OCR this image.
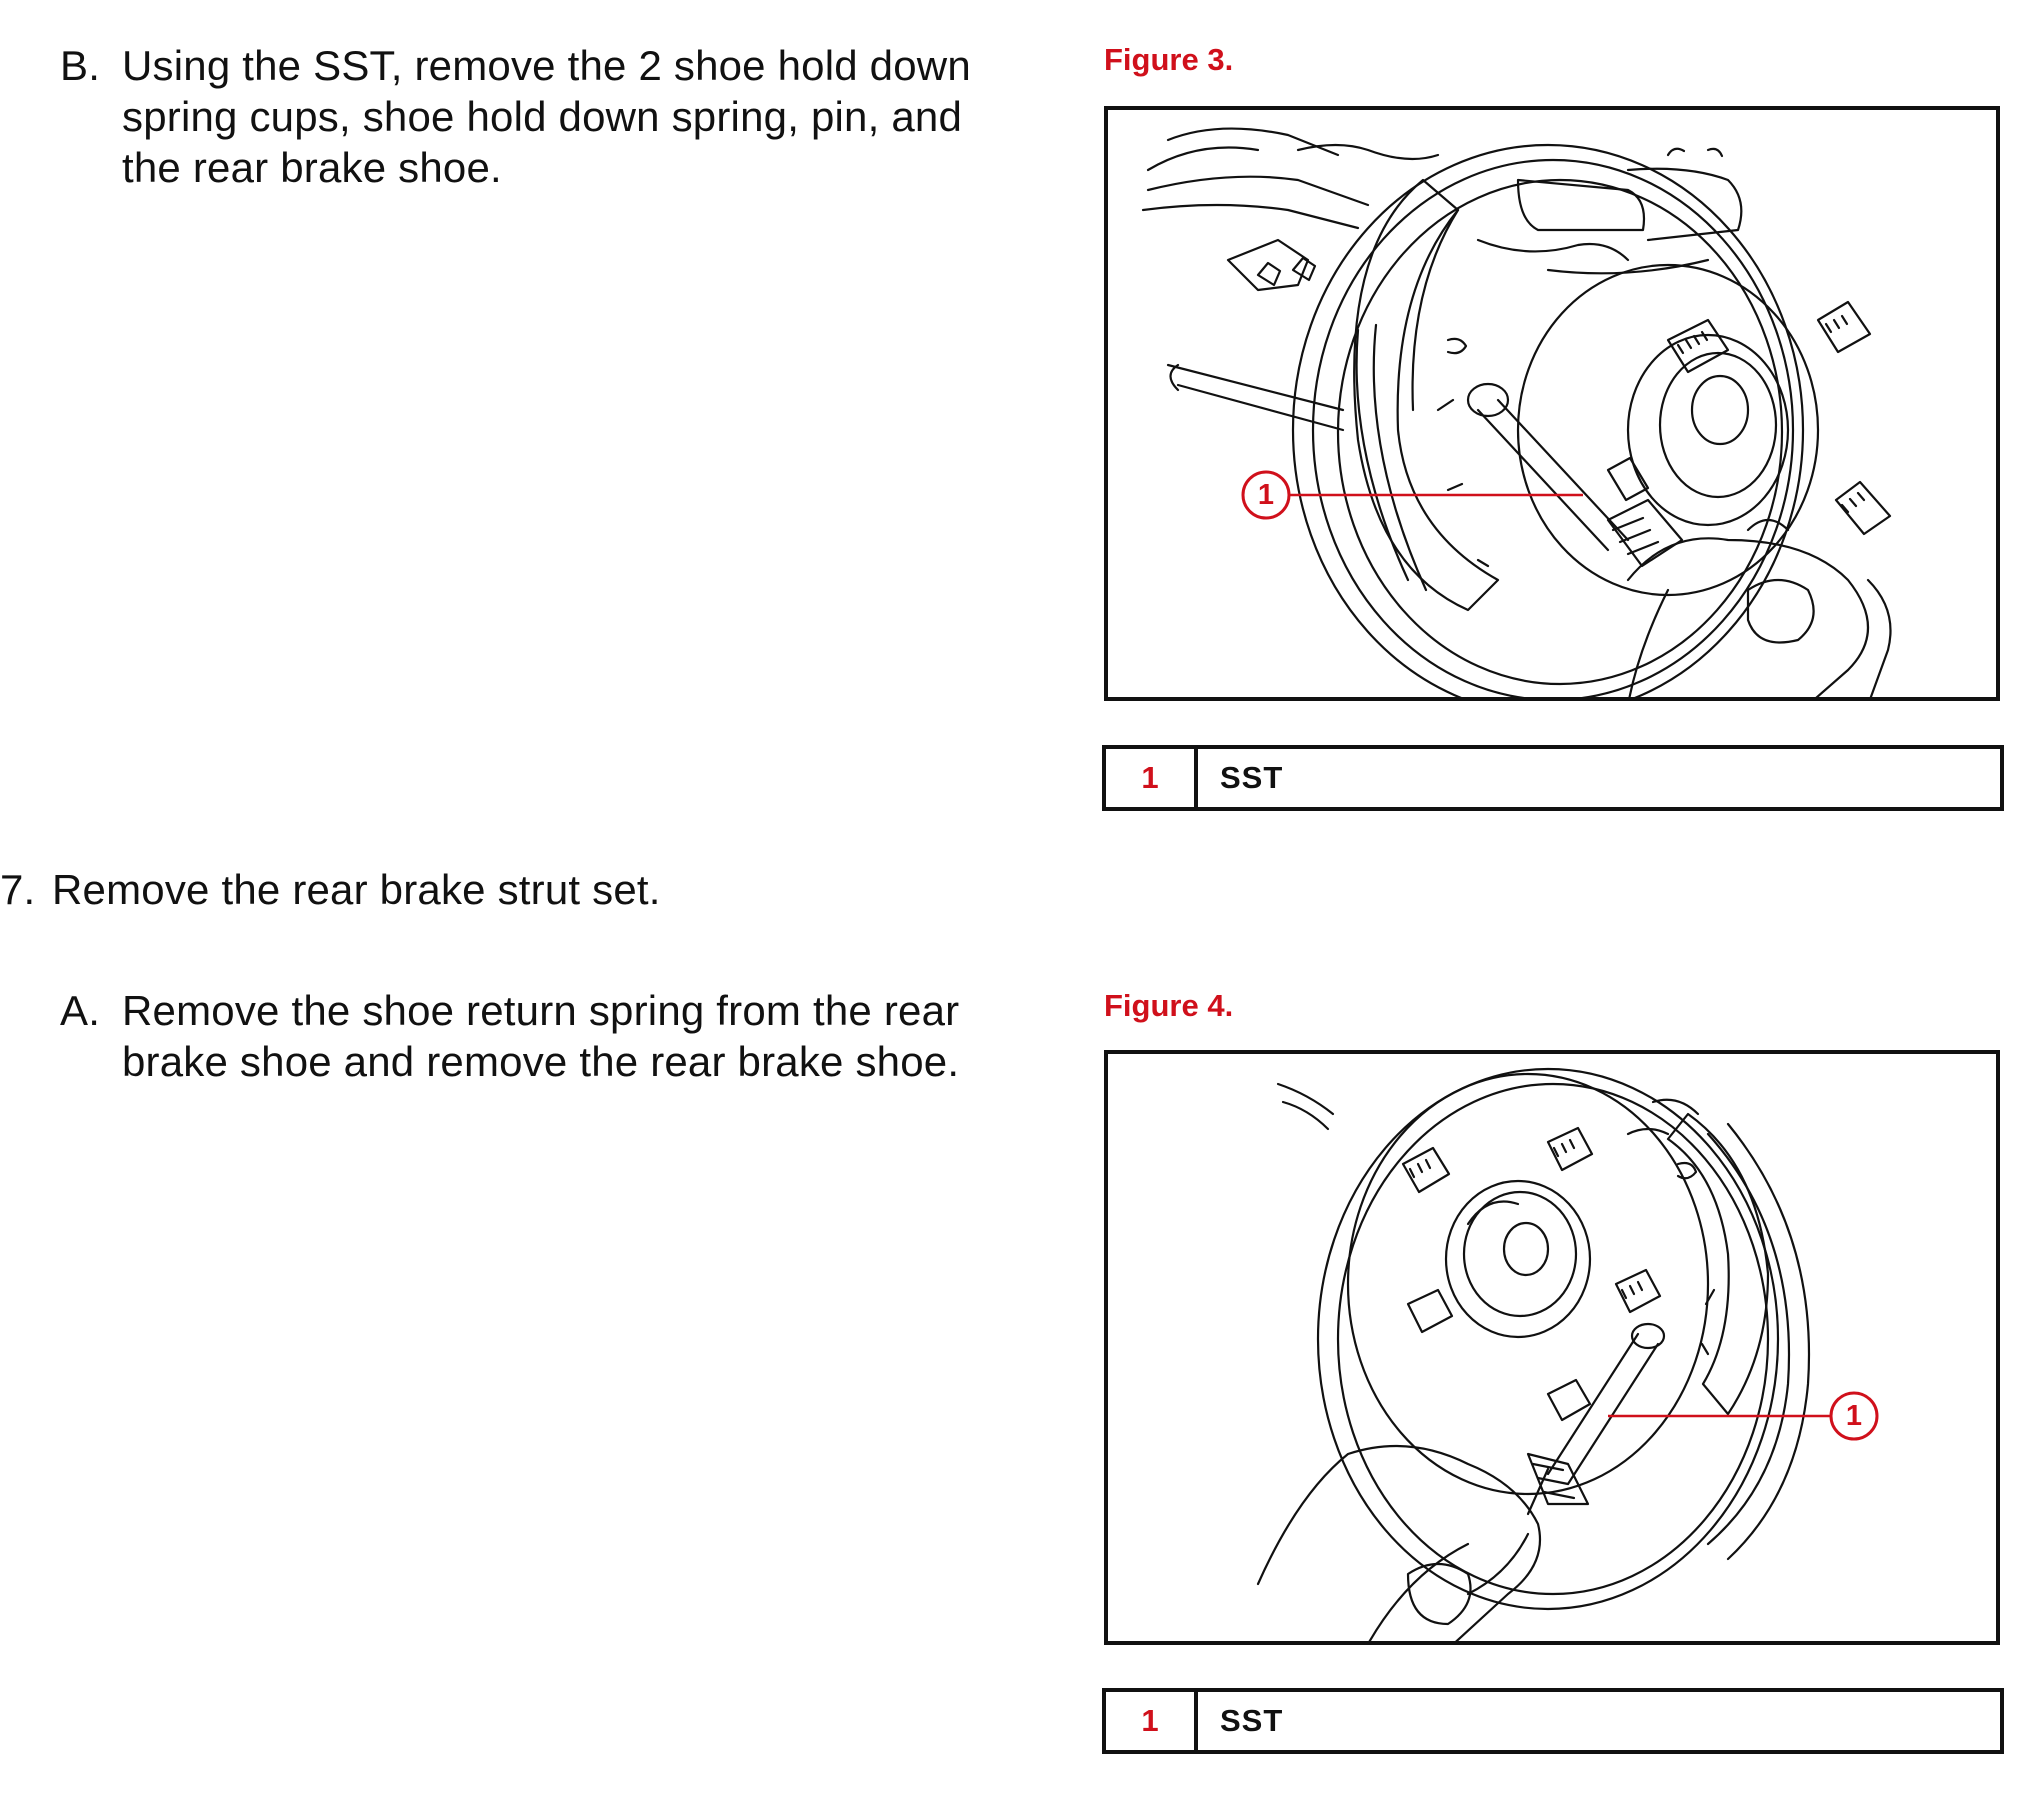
B. Using the SST, remove the 2 shoe hold down
spring cups, shoe hold down spring, pin, and
the rear brake shoe.
Figure 3.
1
1	SST
7. Remove the rear brake strut set.
A. Remove the shoe return spring from the rear
brake shoe and remove the rear brake shoe.
Figure 4.
1
1	SST
